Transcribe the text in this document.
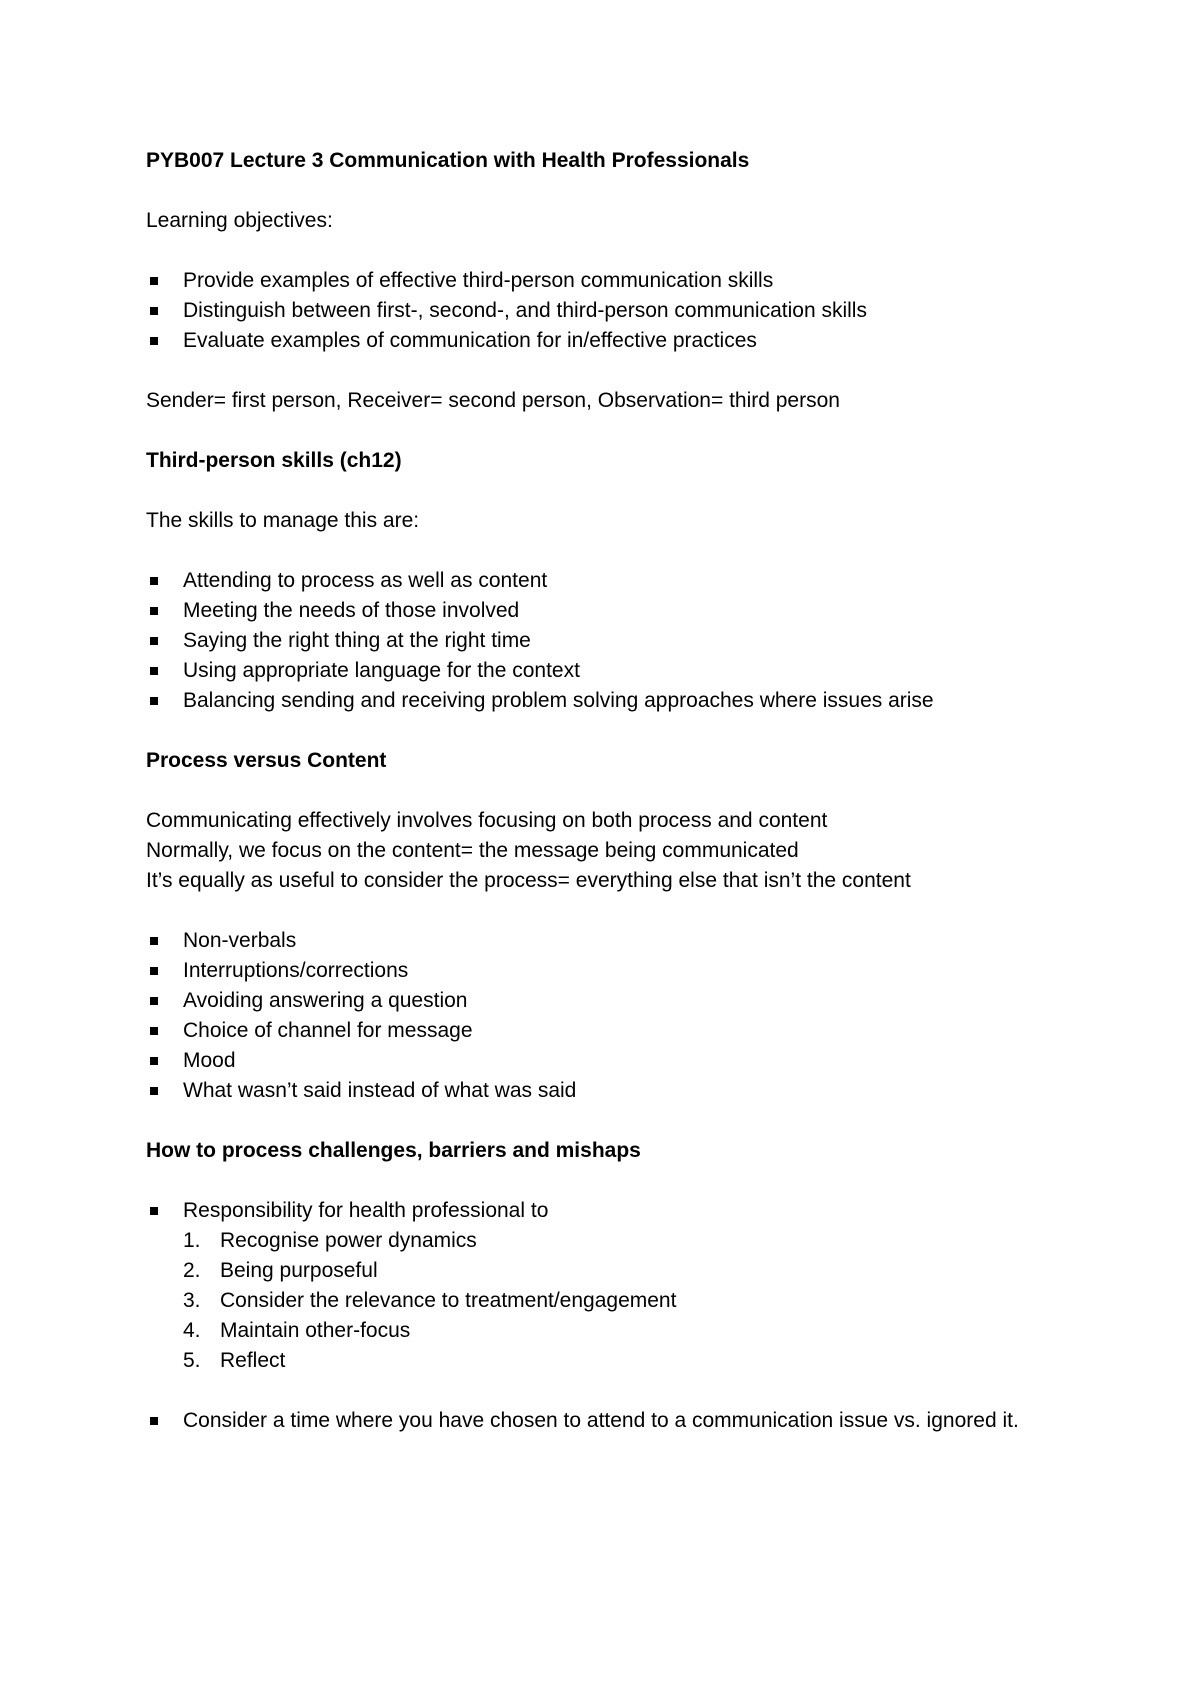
PYB007 Lecture 3 Communication with Health Professionals

Learning objectives:

Provide examples of effective third-person communication skills
Distinguish between first-, second-, and third-person communication skills
Evaluate examples of communication for in/effective practices

Sender= first person, Receiver= second person, Observation= third person

Third-person skills (ch12)

The skills to manage this are:

Attending to process as well as content
Meeting the needs of those involved
Saying the right thing at the right time
Using appropriate language for the context
Balancing sending and receiving problem solving approaches where issues arise

Process versus Content

Communicating effectively involves focusing on both process and content
Normally, we focus on the content= the message being communicated
It’s equally as useful to consider the process= everything else that isn’t the content
Non-verbals
Interruptions/corrections
Avoiding answering a question
Choice of channel for message
Mood
What wasn’t said instead of what was said

How to process challenges, barriers and mishaps

Responsibility for health professional to
1. Recognise power dynamics
2. Being purposeful
3. Consider the relevance to treatment/engagement
4. Maintain other-focus
5. Reflect
Consider a time where you have chosen to attend to a communication issue vs. ignored it.
